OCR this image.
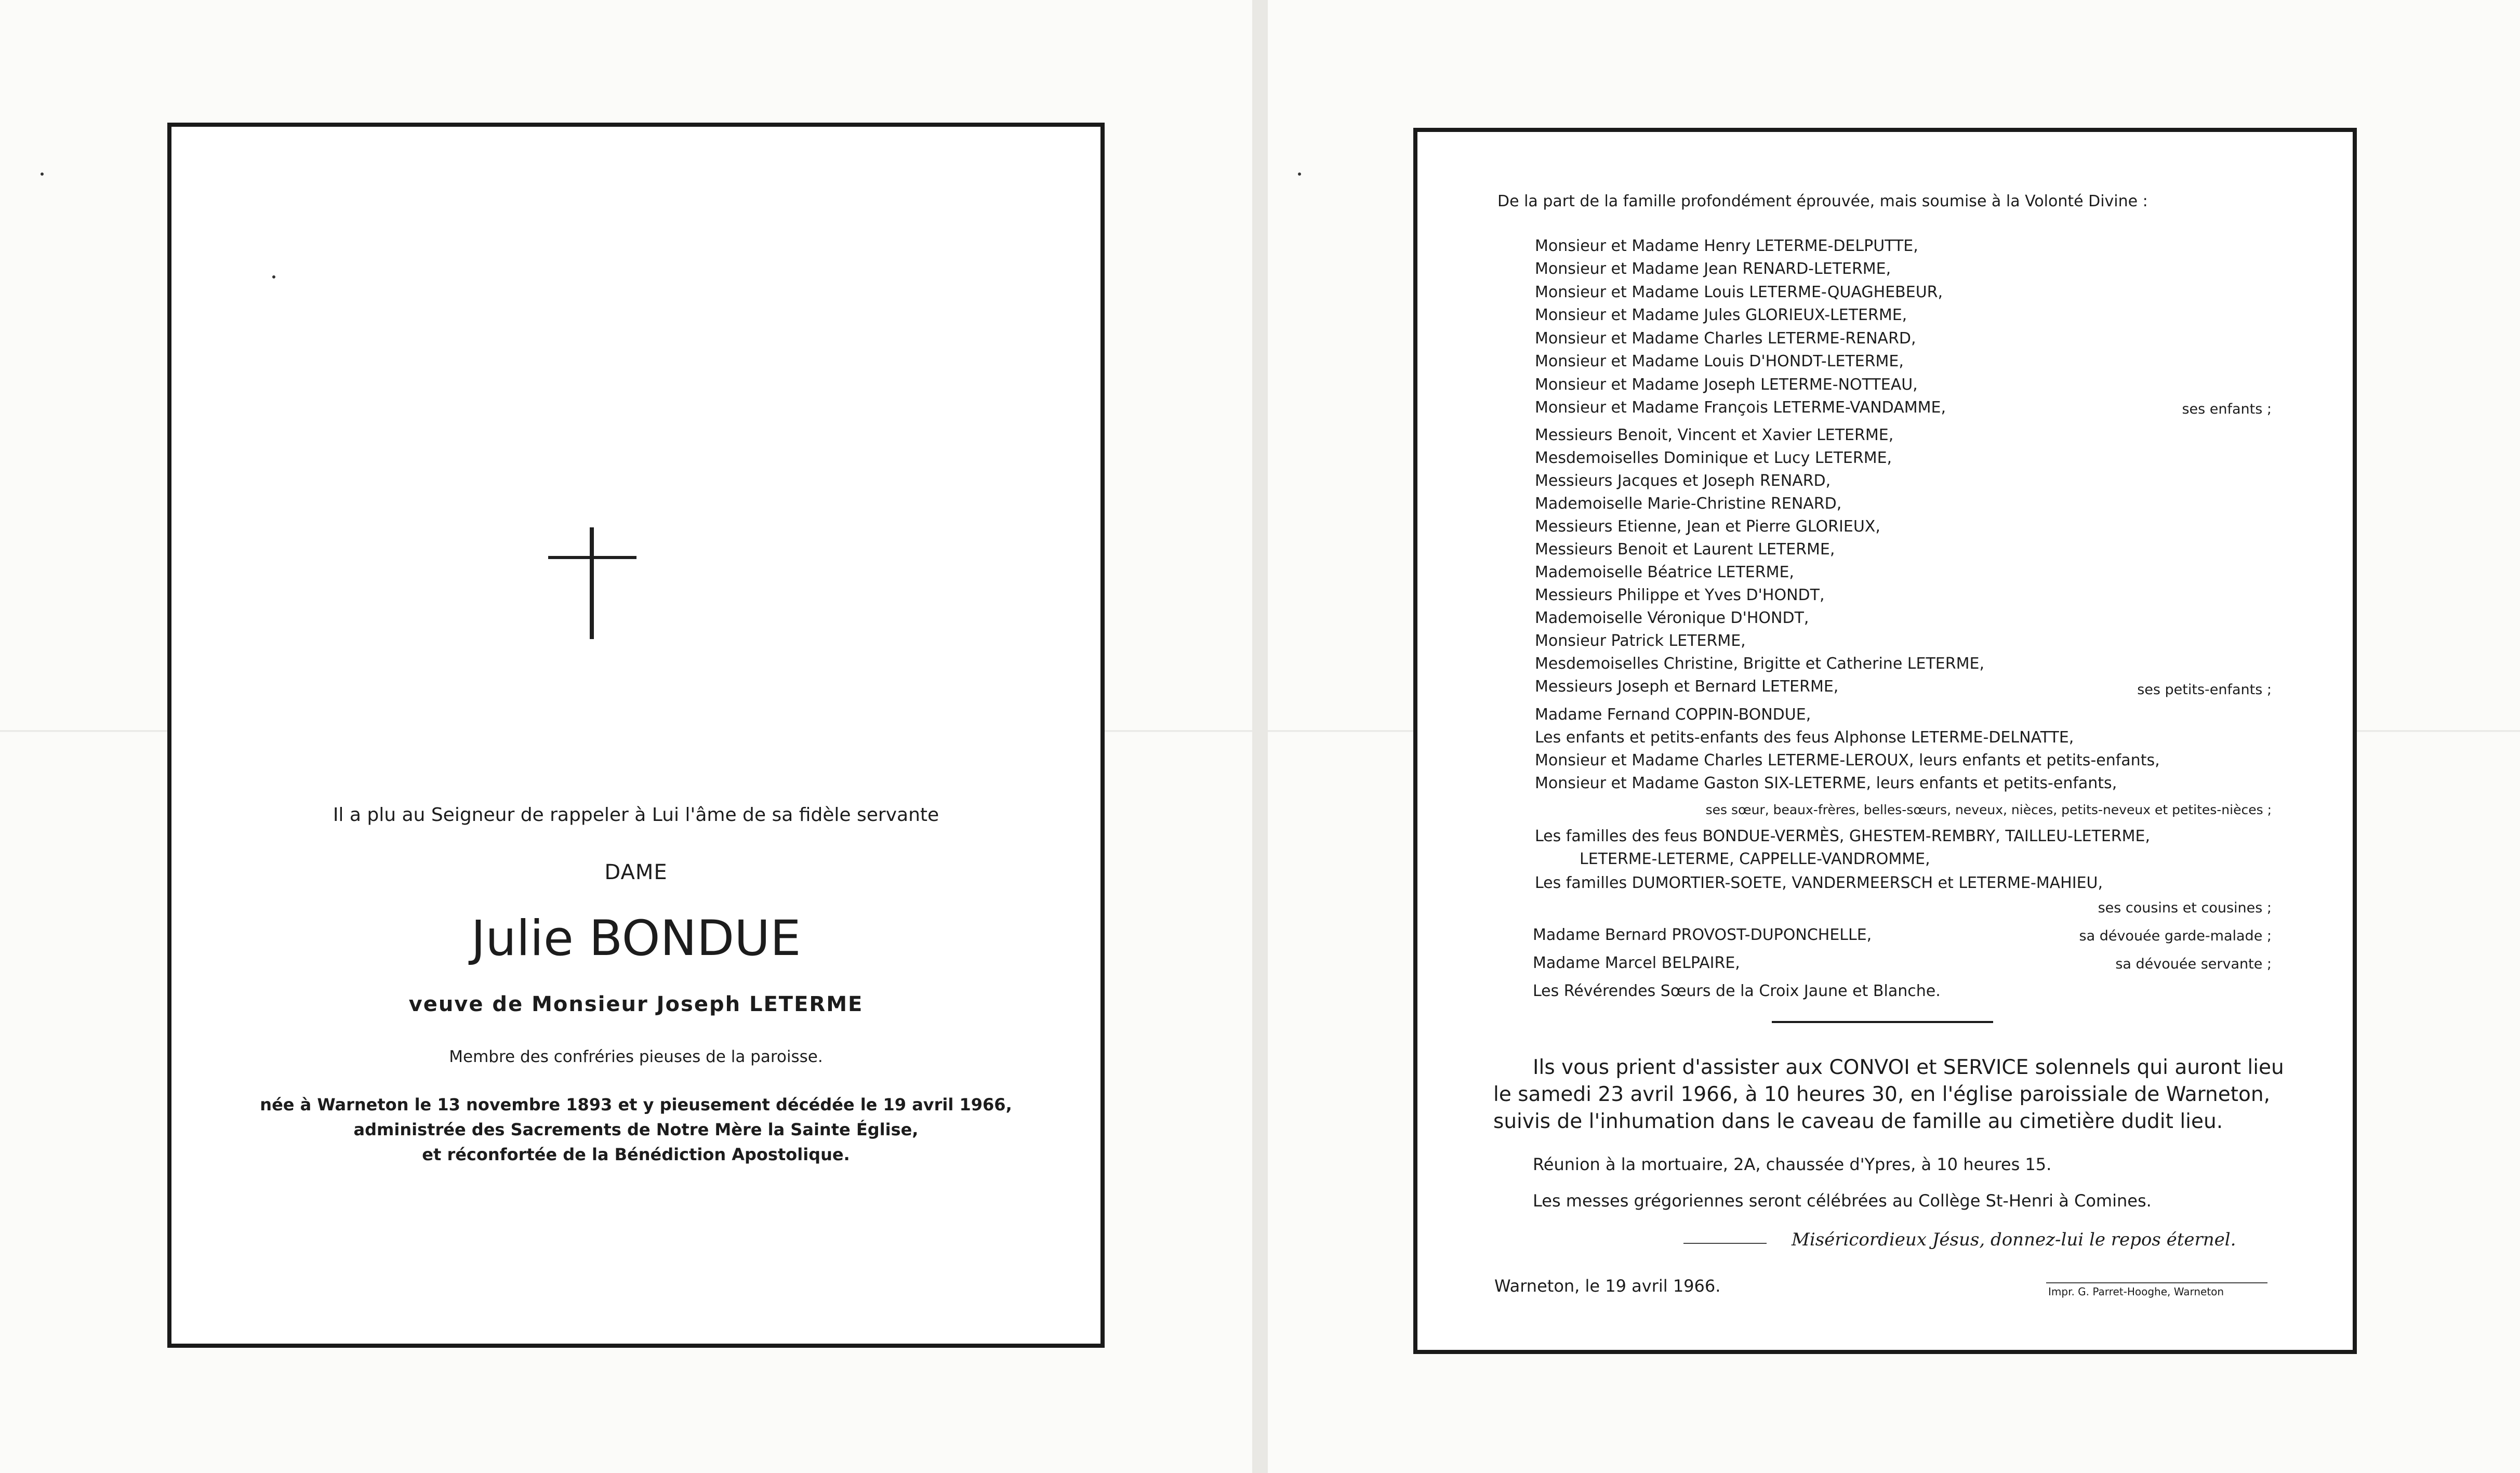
Il a plu au Seigneur de rappeler à Lui l'âme de sa fidèle servante
DAME
Julie BONDUE
veuve de Monsieur Joseph LETERME
Membre des confréries pieuses de la paroisse.
née à Warneton le 13 novembre 1893 et y pieusement décédée le 19 avril 1966,
administrée des Sacrements de Notre Mère la Sainte Église,
et réconfortée de la Bénédiction Apostolique.
De la part de la famille profondément éprouvée, mais soumise à la Volonté Divine :
Monsieur et Madame Henry LETERME-DELPUTTE,
Monsieur et Madame Jean RENARD-LETERME,
Monsieur et Madame Louis LETERME-QUAGHEBEUR,
Monsieur et Madame Jules GLORIEUX-LETERME,
Monsieur et Madame Charles LETERME-RENARD,
Monsieur et Madame Louis D'HONDT-LETERME,
Monsieur et Madame Joseph LETERME-NOTTEAU,
Monsieur et Madame François LETERME-VANDAMME,	ses enfants ;
Messieurs Benoit, Vincent et Xavier LETERME,
Mesdemoiselles Dominique et Lucy LETERME,
Messieurs Jacques et Joseph RENARD,
Mademoiselle Marie-Christine RENARD,
Messieurs Etienne, Jean et Pierre GLORIEUX,
Messieurs Benoit et Laurent LETERME,
Mademoiselle Béatrice LETERME,
Messieurs Philippe et Yves D'HONDT,
Mademoiselle Véronique D'HONDT,
Monsieur Patrick LETERME,
Mesdemoiselles Christine, Brigitte et Catherine LETERME,
Messieurs Joseph et Bernard LETERME,	ses petits-enfants ;
Madame Fernand COPPIN-BONDUE,
Les enfants et petits-enfants des feus Alphonse LETERME-DELNATTE,
Monsieur et Madame Charles LETERME-LEROUX, leurs enfants et petits-enfants,
Monsieur et Madame Gaston SIX-LETERME, leurs enfants et petits-enfants,
ses sœur, beaux-frères, belles-sœurs, neveux, nièces, petits-neveux et petites-nièces ;
Les familles des feus BONDUE-VERMÈS, GHESTEM-REMBRY, TAILLEU-LETERME,
LETERME-LETERME, CAPPELLE-VANDROMME,
Les familles DUMORTIER-SOETE, VANDERMEERSCH et LETERME-MAHIEU,
ses cousins et cousines ;
Madame Bernard PROVOST-DUPONCHELLE,	sa dévouée garde-malade ;
Madame Marcel BELPAIRE,	sa dévouée servante ;
Les Révérendes Sœurs de la Croix Jaune et Blanche.
Ils vous prient d'assister aux CONVOI et SERVICE solennels qui auront lieu
le samedi 23 avril 1966, à 10 heures 30, en l'église paroissiale de Warneton,
suivis de l'inhumation dans le caveau de famille au cimetière dudit lieu.
Réunion à la mortuaire, 2A, chaussée d'Ypres, à 10 heures 15.
Les messes grégoriennes seront célébrées au Collège St-Henri à Comines.
Miséricordieux Jésus, donnez-lui le repos éternel.
Warneton, le 19 avril 1966.	Impr. G. Parret-Hooghe, Warneton
